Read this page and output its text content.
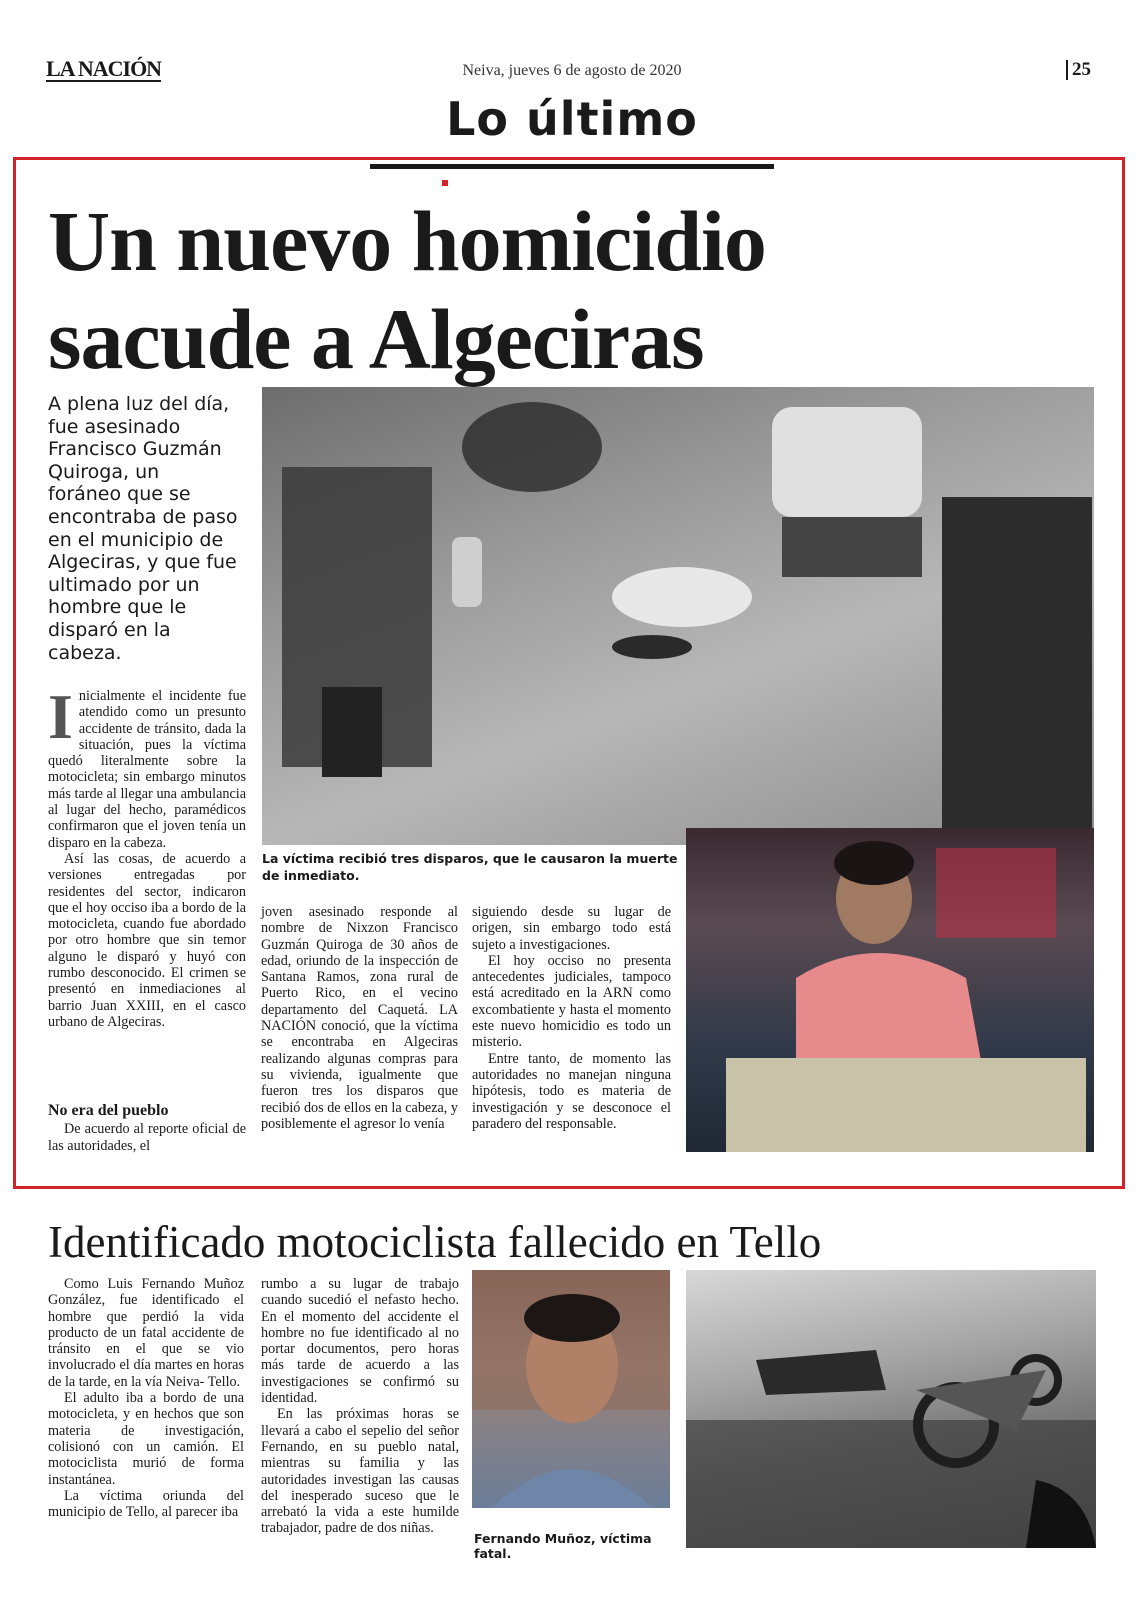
LA NACIÓN	Neiva, jueves 6 de agosto de 2020	25
Lo último
Un nuevo homicidio sacude a Algeciras
A plena luz del día, fue asesinado Francisco Guzmán Quiroga, un foráneo que se encontraba de paso en el municipio de Algeciras, y que fue ultimado por un hombre que le disparó en la cabeza.
La víctima recibió tres disparos, que le causaron la muerte de inmediato.
I nicialmente el incidente fue atendido como un presunto accidente de tránsito, dada la situación, pues la víctima quedó literalmente sobre la motocicleta; sin embargo minutos más tarde al llegar una ambulancia al lugar del hecho, paramédicos confirmaron que el joven tenía un disparo en la cabeza.

Así las cosas, de acuerdo a versiones entregadas por residentes del sector, indicaron que el hoy occiso iba a bordo de la motocicleta, cuando fue abordado por otro hombre que sin temor alguno le disparó y huyó con rumbo desconocido. El crimen se presentó en inmediaciones al barrio Juan XXIII, en el casco urbano de Algeciras.

No era del pueblo

De acuerdo al reporte oficial de las autoridades, el

joven asesinado responde al nombre de Nixzon Francisco Guzmán Quiroga de 30 años de edad, oriundo de la inspección de Santana Ramos, zona rural de Puerto Rico, en el vecino departamento del Caquetá. LA NACIÓN conoció, que la víctima se encontraba en Algeciras realizando algunas compras para su vivienda, igualmente que fueron tres los disparos que recibió dos de ellos en la cabeza, y posiblemente el agresor lo venía

siguiendo desde su lugar de origen, sin embargo todo está sujeto a investigaciones.

El hoy occiso no presenta antecedentes judiciales, tampoco está acreditado en la ARN como excombatiente y hasta el momento este nuevo homicidio es todo un misterio.

Entre tanto, de momento las autoridades no manejan ninguna hipótesis, todo es materia de investigación y se desconoce el paradero del responsable.

Identificado motociclista fallecido en Tello

Como Luis Fernando Muñoz González, fue identificado el hombre que perdió la vida producto de un fatal accidente de tránsito en el que se vio involucrado el día martes en horas de la tarde, en la vía Neiva- Tello.

El adulto iba a bordo de una motocicleta, y en hechos que son materia de investigación, colisionó con un camión. El motociclista murió de forma instantánea.

La víctima oriunda del municipio de Tello, al parecer iba

rumbo a su lugar de trabajo cuando sucedió el nefasto hecho. En el momento del accidente el hombre no fue identificado al no portar documentos, pero horas más tarde de acuerdo a las investigaciones se confirmó su identidad.

En las próximas horas se llevará a cabo el sepelio del señor Fernando, en su pueblo natal, mientras su familia y las autoridades investigan las causas del inesperado suceso que le arrebató la vida a este humilde trabajador, padre de dos niñas.

Fernando Muñoz, víctima fatal.
